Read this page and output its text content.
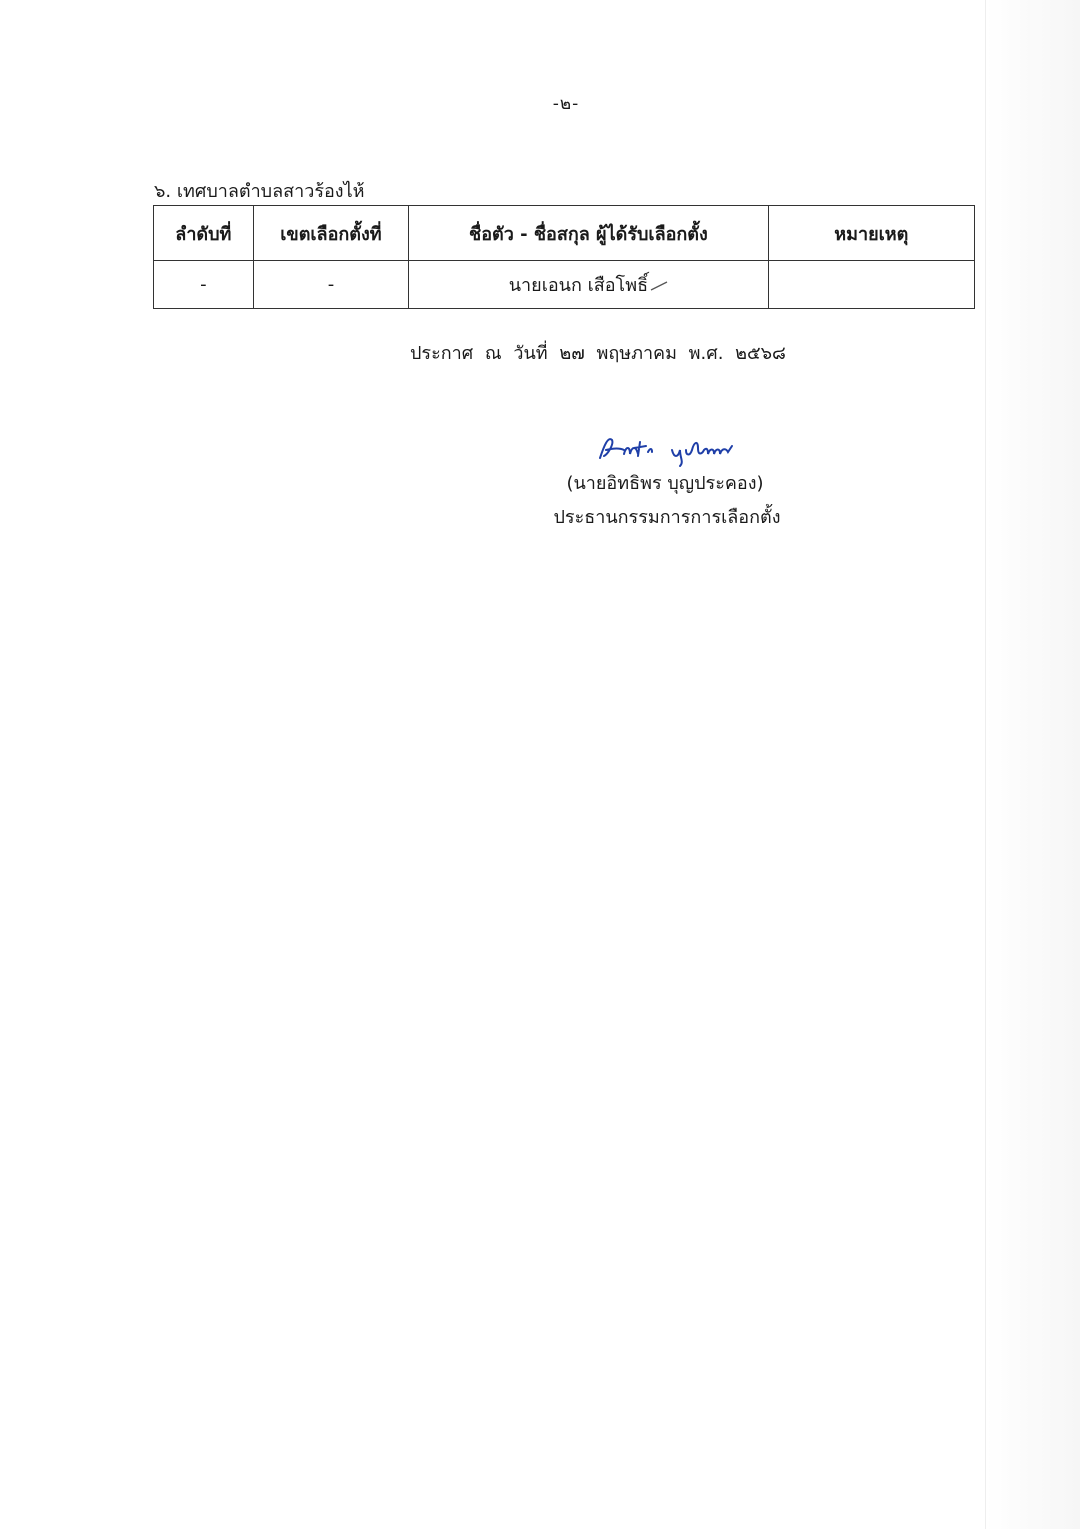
-๒-
๖. เทศบาลตำบลสาวร้องไห้
ลำดับที่	เขตเลือกตั้งที่	ชื่อตัว - ชื่อสกุล ผู้ได้รับเลือกตั้ง	หมายเหตุ
-	-	นายเอนก เสือโพธิ์	
ประกาศ ณ วันที่ ๒๗ พฤษภาคม พ.ศ. ๒๕๖๘
(นายอิทธิพร บุญประคอง)
ประธานกรรมการการเลือกตั้ง
